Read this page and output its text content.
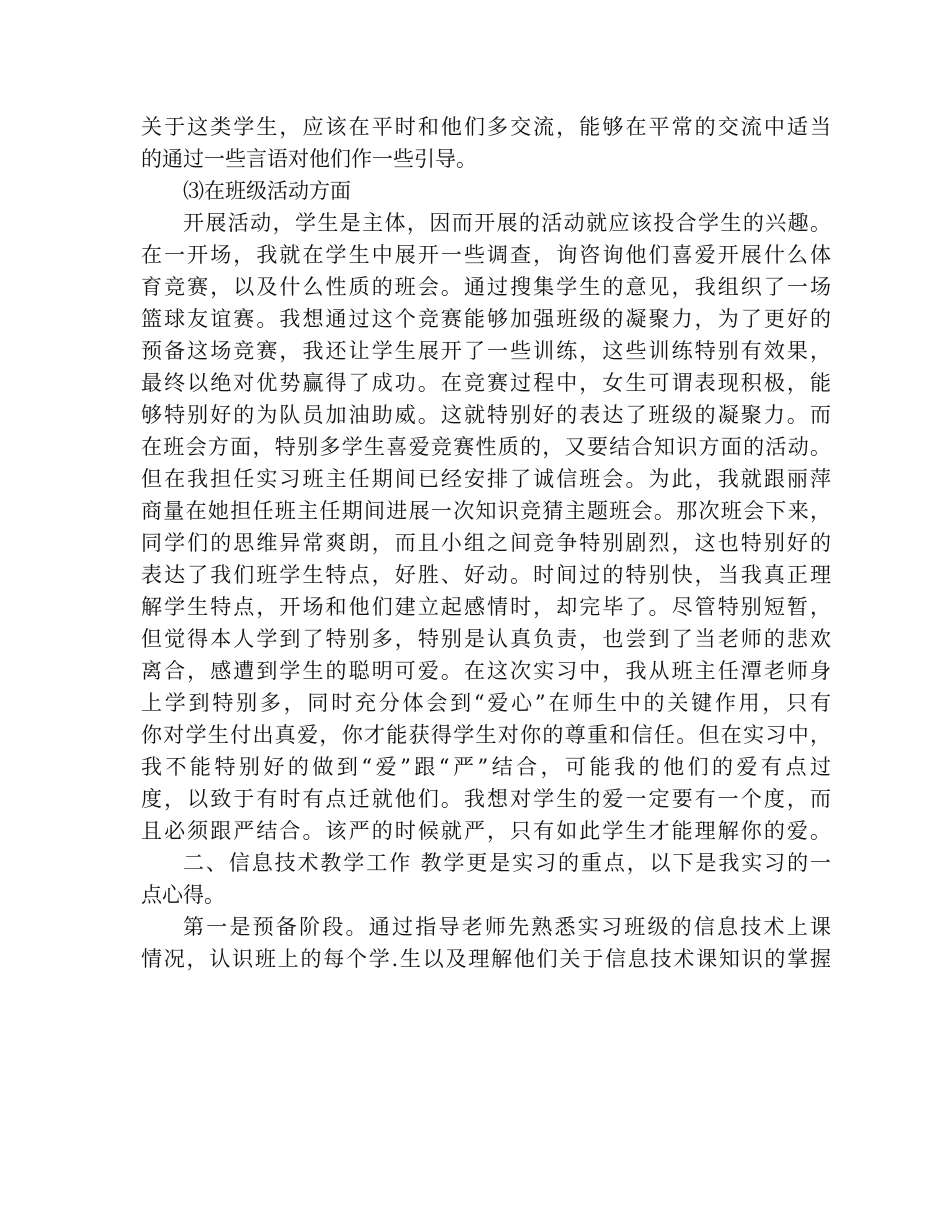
关于这类学生，应该在平时和他们多交流，能够在平常的交流中适当
的通过一些言语对他们作一些引导。
⑶在班级活动方面
开展活动，学生是主体，因而开展的活动就应该投合学生的兴趣。
在一开场，我就在学生中展开一些调查，询咨询他们喜爱开展什么体
育竞赛，以及什么性质的班会。通过搜集学生的意见，我组织了一场
篮球友谊赛。我想通过这个竞赛能够加强班级的凝聚力，为了更好的
预备这场竞赛，我还让学生展开了一些训练，这些训练特别有效果，
最终以绝对优势赢得了成功。在竞赛过程中，女生可谓表现积极，能
够特别好的为队员加油助威。这就特别好的表达了班级的凝聚力。而
在班会方面，特别多学生喜爱竞赛性质的，又要结合知识方面的活动。
但在我担任实习班主任期间已经安排了诚信班会。为此，我就跟丽萍
商量在她担任班主任期间进展一次知识竞猜主题班会。那次班会下来，
同学们的思维异常爽朗，而且小组之间竞争特别剧烈，这也特别好的
表达了我们班学生特点，好胜、好动。时间过的特别快，当我真正理
解学生特点，开场和他们建立起感情时，却完毕了。尽管特别短暂，
但觉得本人学到了特别多，特别是认真负责，也尝到了当老师的悲欢
离合，感遭到学生的聪明可爱。在这次实习中，我从班主任潭老师身
上学到特别多，同时充分体会到“爱心”在师生中的关键作用，只有
你对学生付出真爱，你才能获得学生对你的尊重和信任。但在实习中，
我不能特别好的做到“爱”跟“严”结合，可能我的他们的爱有点过
度，以致于有时有点迁就他们。我想对学生的爱一定要有一个度，而
且必须跟严结合。该严的时候就严，只有如此学生才能理解你的爱。
二、信息技术教学工作 教学更是实习的重点，以下是我实习的一
点心得。
第一是预备阶段。通过指导老师先熟悉实习班级的信息技术上课
情况，认识班上的每个学.生以及理解他们关于信息技术课知识的掌握
